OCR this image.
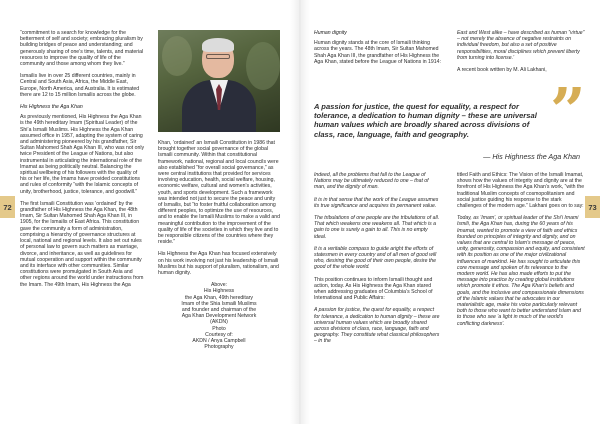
72

“commitment to a search for knowledge for the betterment of self and society; embracing pluralism by building bridges of peace and understanding; and generously sharing of one’s time, talents, and material resources to improve the quality of life of the community and those among whom they live.”

Ismailis live in over 25 different countries, mainly in Central and South Asia, Africa, the Middle East, Europe, North America, and Australia. It is estimated there are 12 to 15 million Ismailis across the globe.

His Highness the Aga Khan

As previously mentioned, His Highness the Aga Khan is the 49th hereditary Imam (Spiritual Leader) of the Shi’a Ismaili Muslims. His Highness the Aga Khan assumed office in 1957, adapting the system of caring and administering pioneered by his grandfather, Sir Sultan Mahomed Shah Aga Khan III, who was not only twice President of the League of Nations, but also instrumental in articulating the international role of the Imamat as being politically neutral. Balancing the spiritual wellbeing of his followers with the quality of his or her life, the Imams have provided constitutions and rules of conformity “with the Islamic concepts of unity, brotherhood, justice, tolerance, and goodwill.”

The first Ismaili Constitution was ‘ordained’ by the grandfather of His Highness the Aga Khan, the 48th Imam, Sir Sultan Mahomed Shah Aga Khan III, in 1905, for the Ismailis of East Africa. This constitution gave the community a form of administration, comprising a hierarchy of governance structures at local, national and regional levels. It also set out rules of personal law to govern such matters as marriage, divorce, and inheritance, as well as guidelines for mutual cooperation and support within the community and its interface with other communities. Similar constitutions were promulgated in South Asia and other regions around the world under instructions from the Imam. The 49th Imam, His Highness the Aga

Khan, ‘ordained’ an Ismaili Constitution in 1986 that brought together social governance of the global Ismaili community. Within that constitutional framework, national, regional and local councils were also established “for overall social governance,” as were central institutions that provided for services involving education, health, social welfare, housing, economic welfare, cultural and women’s activities, youth, and sports development. Such a framework was intended not just to secure the peace and unity of Ismailis, but “to foster fruitful collaboration among different peoples, to optimize the use of resources, and to enable the Ismaili Muslims to make a valid and meaningful contribution to the improvement of the quality of life of the societies in which they live and to be responsible citizens of the countries where they reside.”

His Highness the Aga Khan has focused extensively on his work involving not just his leadership of Ismaili Muslims but his support of pluralism, rationalism, and human dignity.

Above:
His Highness
the Aga Khan, 49th hereditary
Imam of the Shia Ismaili Muslims
and founder and chairman of the
Aga Khan Development Network
(AKDN)
Photo
Courtesy of:
AKDN / Anya Campbell
Photography
73
Human dignity

Human dignity stands at the core of Ismaili thinking across the years. The 48th Imam, Sir Sultan Mahomed Shah Aga Khan III, the grandfather of His Highness the Aga Khan, stated before the League of Nations in 1914:

East and West alike – have described as human “virtue” – not merely the absence of negative restraints on individual freedom, but also a set of positive responsibilities, moral disciplines which prevent liberty from turning into license.’

A recent book written by M. Ali Lakhani,

”
A passion for justice, the quest for equality, a respect for tolerance, a dedication to human dignity – these are universal human values which are broadly shared across divisions of class, race, language, faith and geography.
— His Highness the Aga Khan

Indeed, all the problems that fall to the League of Nations may be ultimately reduced to one – that of man, and the dignity of man.

It is in that sense that the work of the League assumes its true significance and acquires its permanent value.

The tribulations of one people are the tribulations of all. That which weakens one weakens all. That which is a gain to one is surely a gain to all. This is no empty ideal.

It is a veritable compass to guide aright the efforts of statesmen in every country and of all men of good will who, desiring the good of their own people, desire the good of the whole world.

This position continues to inform Ismaili thought and action, today. As His Highness the Aga Khan stared when addressing graduates of Columbia’s School of International and Public Affairs:

A passion for justice, the quest for equality, a respect for tolerance, a dedication to human dignity – these are universal human values which are broadly shared across divisions of class, race, language, faith and geography. They constitute what classical philosophers – in the

titled Faith and Ethics: The Vision of the Ismaili Imamat, shows how the values of integrity and dignity are at the forefront of His Highness the Aga Khan’s work, “with the traditional Muslim concepts of cosmopolitanism and social justice guiding his response to the stark challenges of the modern age.” Lakhani goes on to say:

Today, as ‘Imam’, or spiritual leader of the Shi’i Imami Ismili, the Aga Khan has, during the 60 years of his Imamat, wanted to promote a view of faith and ethics founded on principles of integrity and dignity, and on values that are central to Islam’s message of peace, unity, generosity, compassion and equity, and consistent with its position as one of the major civilizational influences of mankind. He has sought to articulate this core message and spoken of its relevance to the modern world. He has also made efforts to put the message into practice by creating global institutions which promote it ethos. The Aga Khan’s beliefs and goals, and the inclusive and compassionate dimensions of the Islamic values that he advocates in our materialistic age, make his voice particularly relevant both to those who want to better understand Islam and to those who see ‘a light in much of the world’s conflicting darkness’.
